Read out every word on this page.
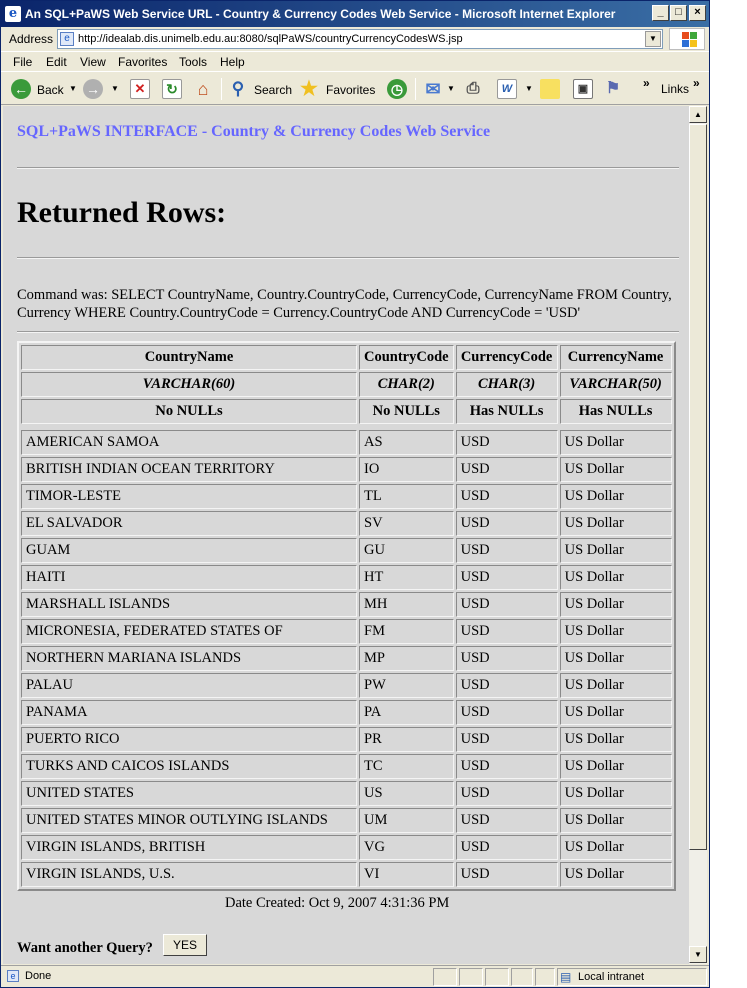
e An SQL+PaWS Web Service URL - Country & Currency Codes Web Service - Microsoft Internet Explorer	_	□	×
Address	e http://idealab.dis.unimelb.edu.au:8080/sqlPaWS/countryCurrencyCodesWS.jsp	▼
File Edit View Favorites Tools Help
← Back ▼ →	▼	✕	↻ ⌂ ⚲ Search ★ Favorites ◷ ✉ ▼ ⎙	W	▼	▣ ⚑ » Links »
SQL+PaWS INTERFACE - Country & Currency Codes Web Service
Returned Rows:
Command was: SELECT CountryName, Country.CountryCode, CurrencyCode, CurrencyName FROM Country, Currency WHERE Country.CountryCode = Currency.CountryCode AND CurrencyCode = 'USD'
CountryName	CountryCode	CurrencyCode	CurrencyName
VARCHAR(60)	CHAR(2)	CHAR(3)	VARCHAR(50)
No NULLs	No NULLs	Has NULLs	Has NULLs

AMERICAN SAMOA	AS	USD	US Dollar
BRITISH INDIAN OCEAN TERRITORY	IO	USD	US Dollar
TIMOR-LESTE	TL	USD	US Dollar
EL SALVADOR	SV	USD	US Dollar
GUAM	GU	USD	US Dollar
HAITI	HT	USD	US Dollar
MARSHALL ISLANDS	MH	USD	US Dollar
MICRONESIA, FEDERATED STATES OF	FM	USD	US Dollar
NORTHERN MARIANA ISLANDS	MP	USD	US Dollar
PALAU	PW	USD	US Dollar
PANAMA	PA	USD	US Dollar
PUERTO RICO	PR	USD	US Dollar
TURKS AND CAICOS ISLANDS	TC	USD	US Dollar
UNITED STATES	US	USD	US Dollar
UNITED STATES MINOR OUTLYING ISLANDS	UM	USD	US Dollar
VIRGIN ISLANDS, BRITISH	VG	USD	US Dollar
VIRGIN ISLANDS, U.S.	VI	USD	US Dollar
Date Created: Oct 9, 2007 4:31:36 PM
Want another Query?	YES
▲
▼
e Done	▤ Local intranet
